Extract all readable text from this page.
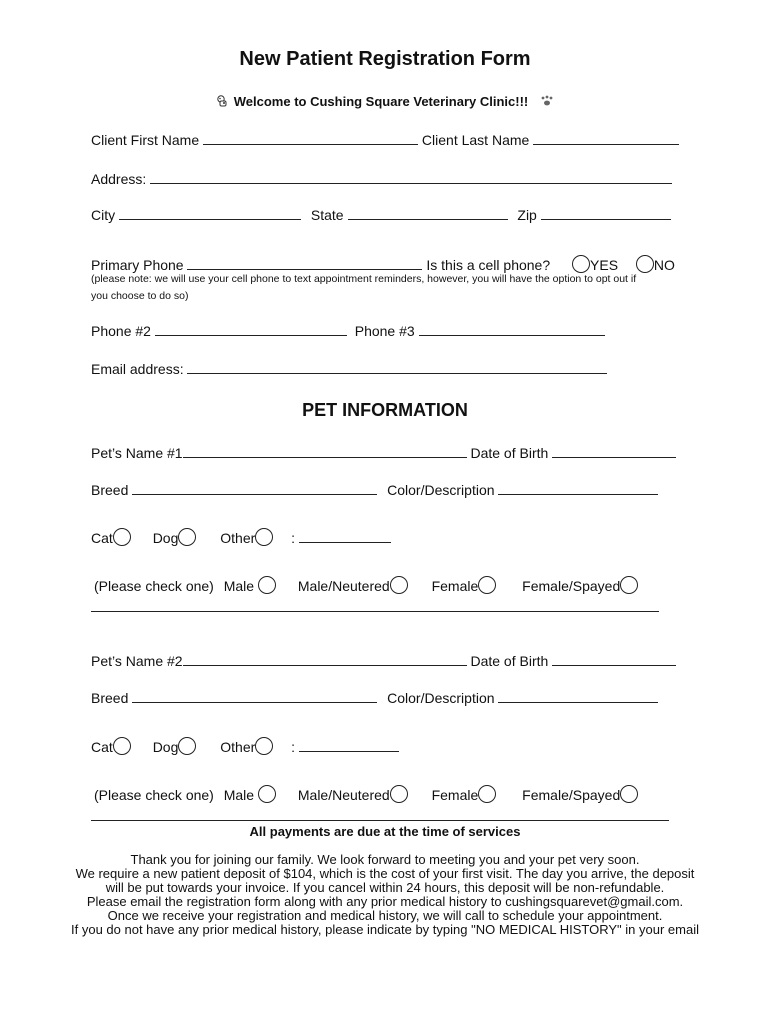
New Patient Registration Form
Welcome to Cushing Square Veterinary Clinic!!!
Client First Name	Client Last Name
Address:
City	State	Zip
Primary Phone	Is this a cell phone?	YES	NO
(please note: we will use your cell phone to text appointment reminders, however, you will have the option to opt out if
you choose to do so)
Phone #2	Phone #3
Email address:
PET INFORMATION
Pet’s Name #1	Date of Birth
Breed	Color/Description
Cat	Dog	Other	:
(Please check one) Male	Male/Neutered	Female	Female/Spayed
Pet’s Name #2	Date of Birth
Breed	Color/Description
Cat	Dog	Other	:
(Please check one) Male	Male/Neutered	Female	Female/Spayed
All payments are due at the time of services
Thank you for joining our family. We look forward to meeting you and your pet very soon.
We require a new patient deposit of $104, which is the cost of your first visit. The day you arrive, the deposit
will be put towards your invoice. If you cancel within 24 hours, this deposit will be non-refundable.
Please email the registration form along with any prior medical history to cushingsquarevet@gmail.com.
Once we receive your registration and medical history, we will call to schedule your appointment.
If you do not have any prior medical history, please indicate by typing "NO MEDICAL HISTORY" in your email
